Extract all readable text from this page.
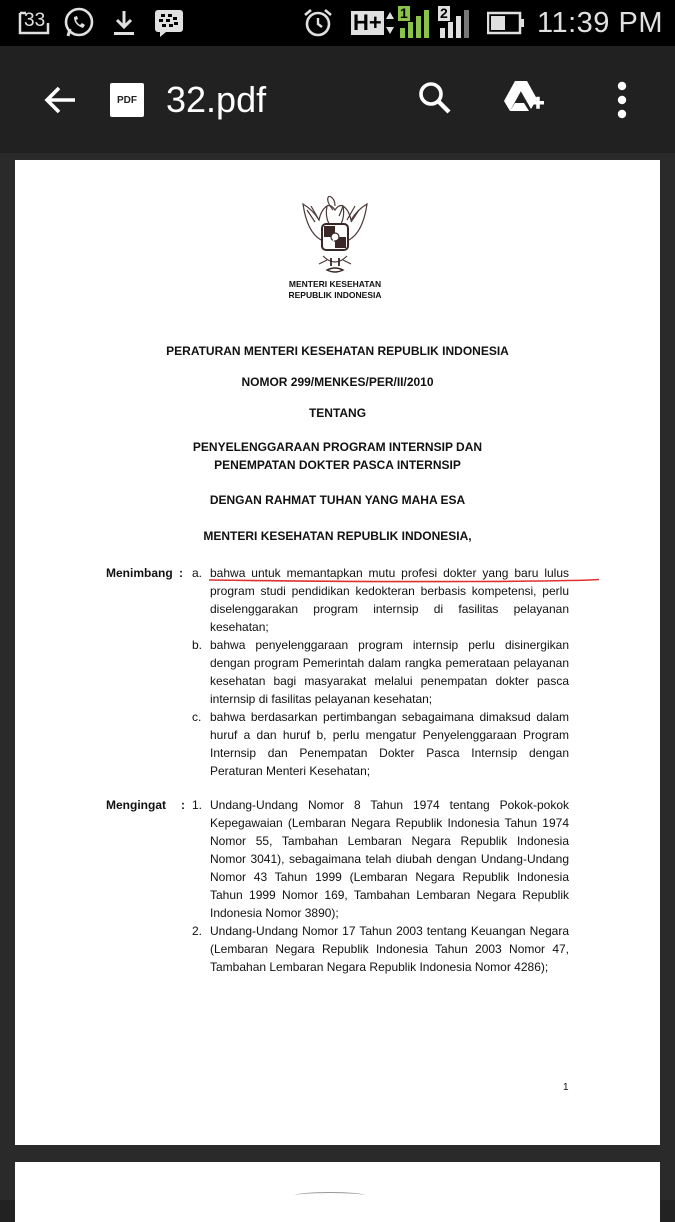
33	H+ 1 2	11:39 PM
PDF 32.pdf
MENTERI KESEHATAN
REPUBLIK INDONESIA
PERATURAN MENTERI KESEHATAN REPUBLIK INDONESIA
NOMOR 299/MENKES/PER/II/2010
TENTANG
PENYELENGGARAAN PROGRAM INTERNSIP DAN
PENEMPATAN DOKTER PASCA INTERNSIP
DENGAN RAHMAT TUHAN YANG MAHA ESA
MENTERI KESEHATAN REPUBLIK INDONESIA,
Menimbang : a. bahwa untuk memantapkan mutu profesi dokter yang baru lulus program studi pendidikan kedokteran berbasis kompetensi, perlu diselenggarakan program internsip di fasilitas pelayanan kesehatan;
b. bahwa penyelenggaraan program internsip perlu disinergikan dengan program Pemerintah dalam rangka pemerataan pelayanan kesehatan bagi masyarakat melalui penempatan dokter pasca internsip di fasilitas pelayanan kesehatan;
c. bahwa berdasarkan pertimbangan sebagaimana dimaksud dalam huruf a dan huruf b, perlu mengatur Penyelenggaraan Program Internsip dan Penempatan Dokter Pasca Internsip dengan Peraturan Menteri Kesehatan;
Mengingat : 1. Undang-Undang Nomor 8 Tahun 1974 tentang Pokok-pokok Kepegawaian (Lembaran Negara Republik Indonesia Tahun 1974 Nomor 55, Tambahan Lembaran Negara Republik Indonesia Nomor 3041), sebagaimana telah diubah dengan Undang-Undang Nomor 43 Tahun 1999 (Lembaran Negara Republik Indonesia Tahun 1999 Nomor 169, Tambahan Lembaran Negara Republik Indonesia Nomor 3890);
2. Undang-Undang Nomor 17 Tahun 2003 tentang Keuangan Negara (Lembaran Negara Republik Indonesia Tahun 2003 Nomor 47, Tambahan Lembaran Negara Republik Indonesia Nomor 4286);
1
